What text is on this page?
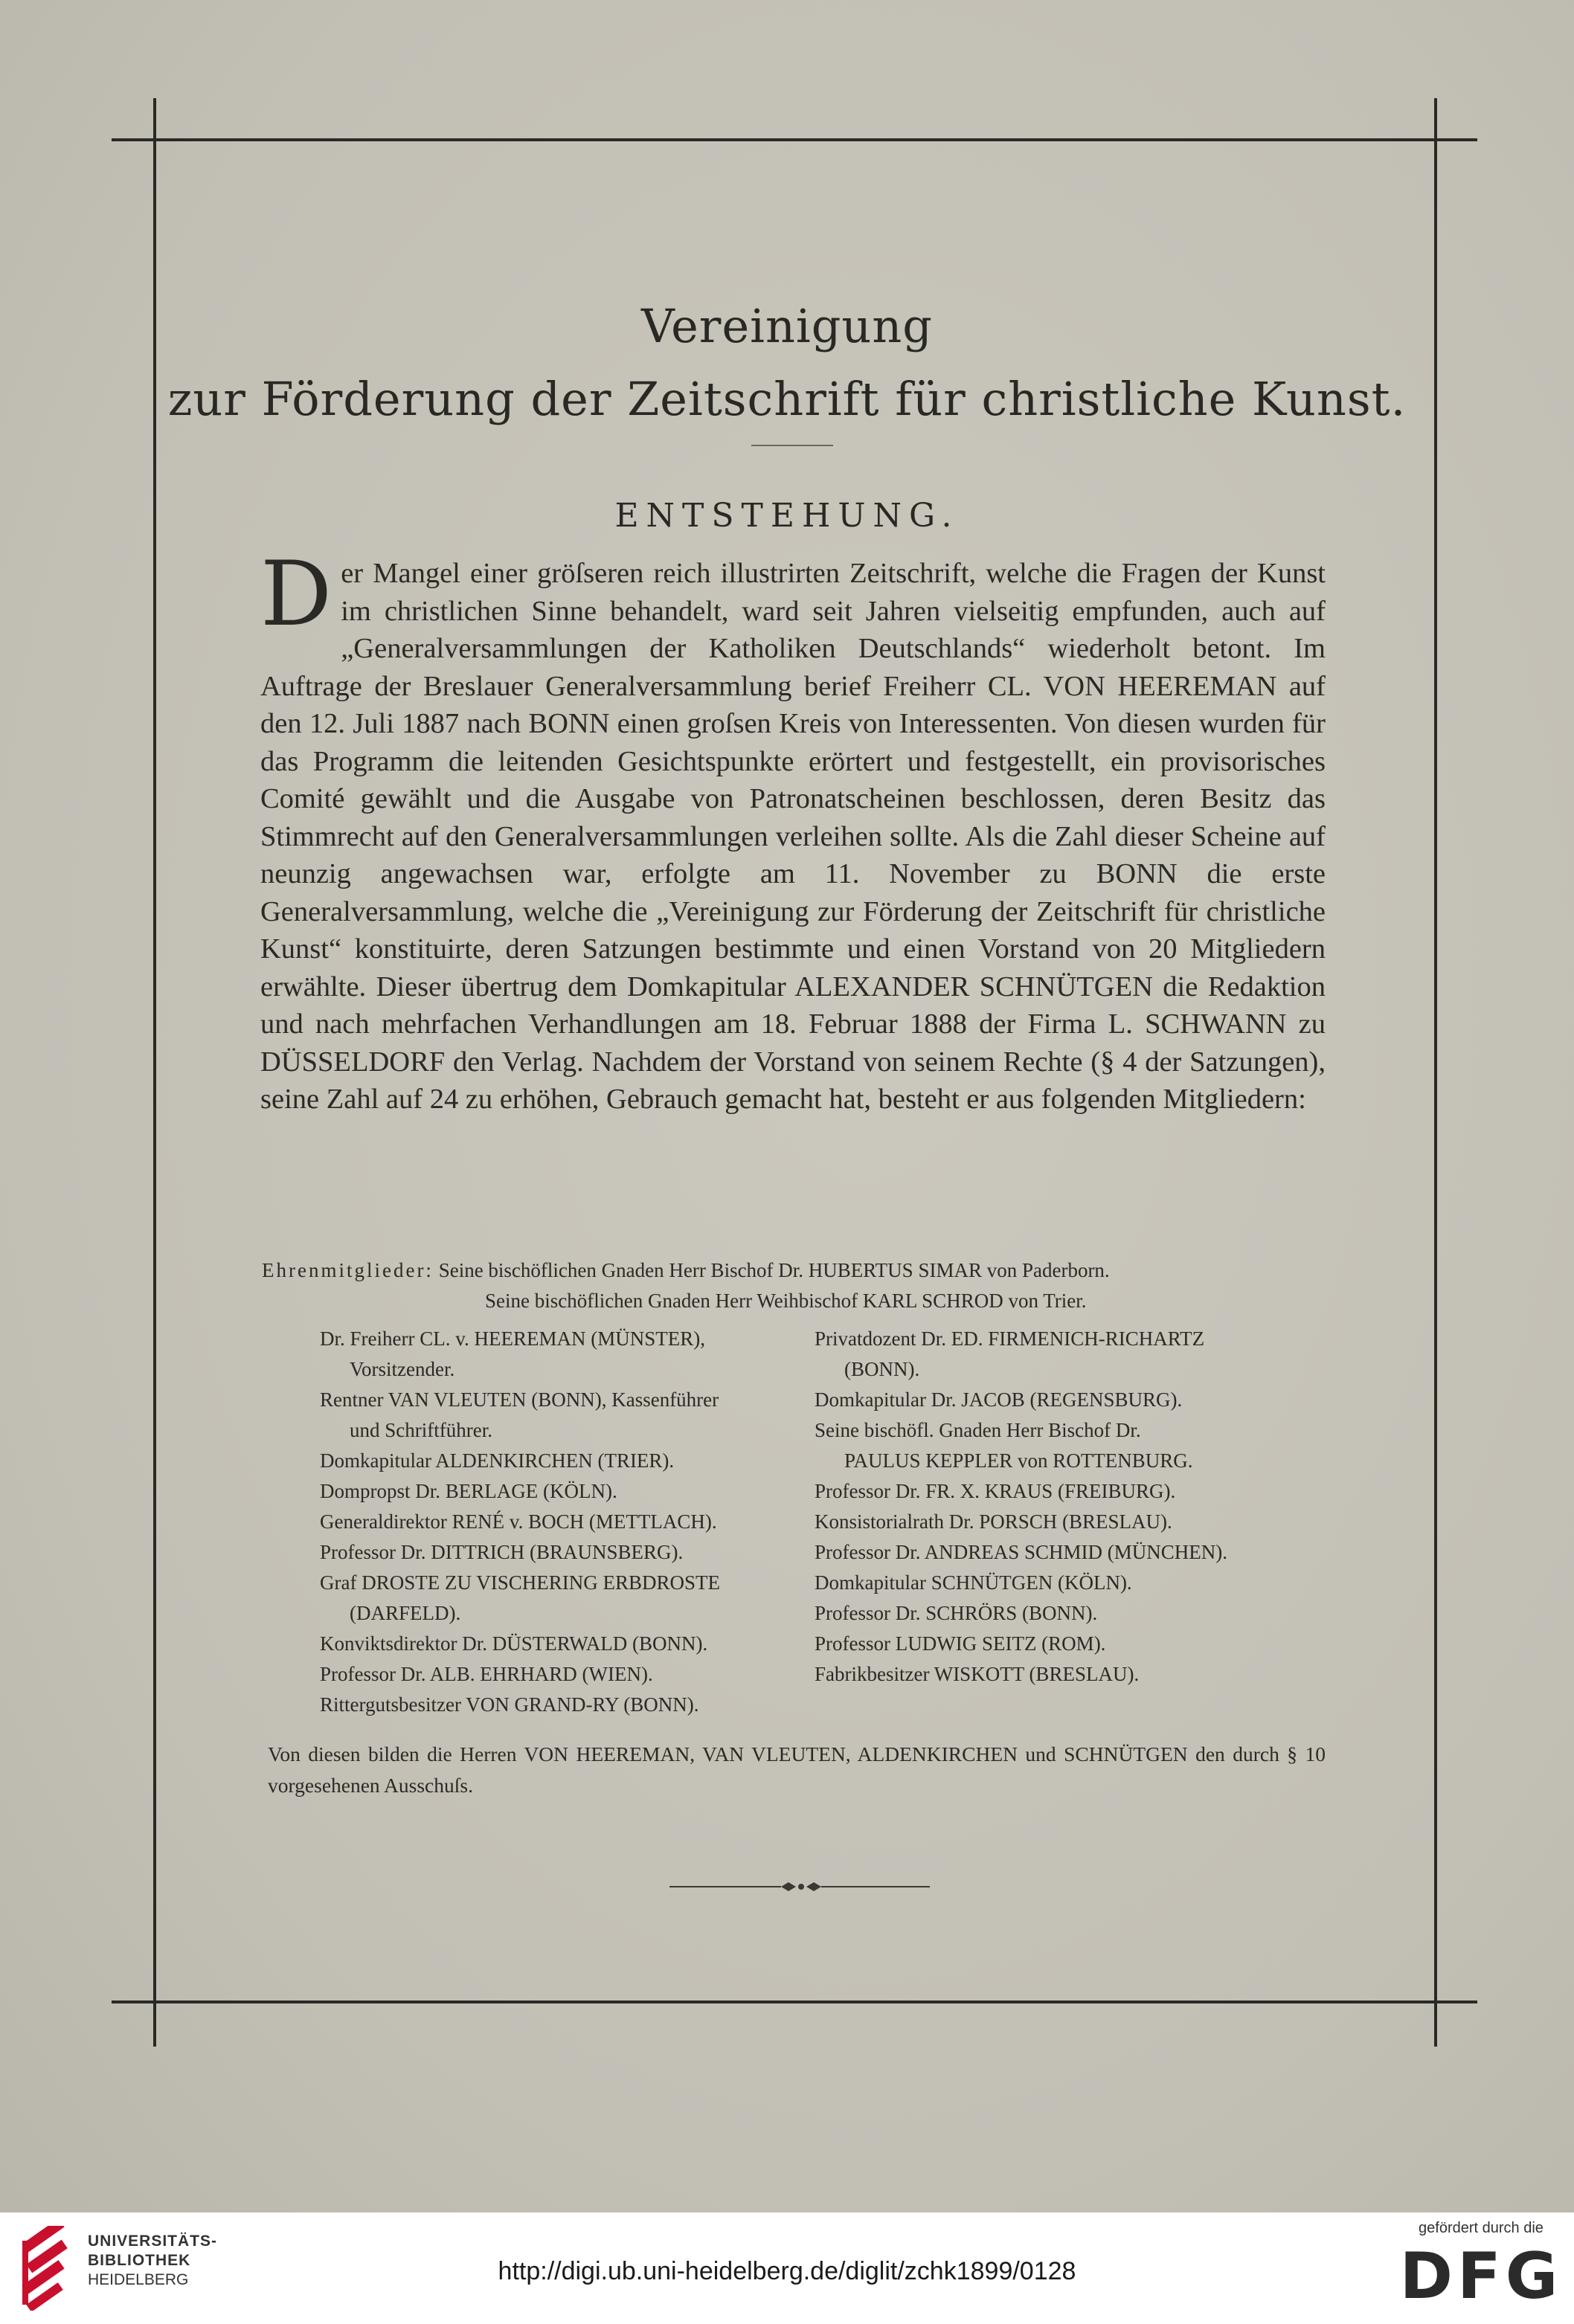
Vereinigung
zur Förderung der Zeitschrift für christliche Kunst.
ENTSTEHUNG.
D er Mangel einer gröſseren reich illustrirten Zeitschrift, welche die Fragen der Kunst im christlichen Sinne behandelt, ward seit Jahren vielseitig empfunden, auch auf „Generalversammlungen der Katholiken Deutschlands“ wiederholt betont. Im Auftrage der Breslauer Generalversammlung berief Freiherr CL. VON HEEREMAN auf den 12. Juli 1887 nach BONN einen groſsen Kreis von Interessenten. Von diesen wurden für das Programm die leitenden Gesichtspunkte erörtert und festgestellt, ein provisorisches Comité gewählt und die Ausgabe von Patronatscheinen beschlossen, deren Besitz das Stimmrecht auf den Generalversammlungen verleihen sollte. Als die Zahl dieser Scheine auf neunzig angewachsen war, erfolgte am 11. November zu BONN die erste Generalversammlung, welche die „Vereinigung zur Förderung der Zeitschrift für christliche Kunst“ konstituirte, deren Satzungen bestimmte und einen Vorstand von 20 Mitgliedern erwählte. Dieser übertrug dem Domkapitular ALEXANDER SCHNÜTGEN die Redaktion und nach mehrfachen Verhandlungen am 18. Februar 1888 der Firma L. SCHWANN zu DÜSSELDORF den Verlag. Nachdem der Vorstand von seinem Rechte (§ 4 der Satzungen), seine Zahl auf 24 zu erhöhen, Gebrauch gemacht hat, besteht er aus folgenden Mitgliedern:
Ehrenmitglieder: Seine bischöflichen Gnaden Herr Bischof Dr. HUBERTUS SIMAR von Paderborn.
Seine bischöflichen Gnaden Herr Weihbischof KARL SCHROD von Trier.
Dr. Freiherr CL. v. HEEREMAN (MÜNSTER),
Vorsitzender.
Rentner VAN VLEUTEN (BONN), Kassenführer
und Schriftführer.
Domkapitular ALDENKIRCHEN (TRIER).
Dompropst Dr. BERLAGE (KÖLN).
Generaldirektor RENÉ v. BOCH (METTLACH).
Professor Dr. DITTRICH (BRAUNSBERG).
Graf DROSTE ZU VISCHERING ERBDROSTE
(DARFELD).
Konviktsdirektor Dr. DÜSTERWALD (BONN).
Professor Dr. ALB. EHRHARD (WIEN).
Rittergutsbesitzer VON GRAND-RY (BONN).
Privatdozent Dr. ED. FIRMENICH-RICHARTZ
(BONN).
Domkapitular Dr. JACOB (REGENSBURG).
Seine bischöfl. Gnaden Herr Bischof Dr.
PAULUS KEPPLER von ROTTENBURG.
Professor Dr. FR. X. KRAUS (FREIBURG).
Konsistorialrath Dr. PORSCH (BRESLAU).
Professor Dr. ANDREAS SCHMID (MÜNCHEN).
Domkapitular SCHNÜTGEN (KÖLN).
Professor Dr. SCHRÖRS (BONN).
Professor LUDWIG SEITZ (ROM).
Fabrikbesitzer WISKOTT (BRESLAU).
Von diesen bilden die Herren VON HEEREMAN, VAN VLEUTEN, ALDENKIRCHEN und SCHNÜTGEN den durch § 10 vorgesehenen Ausschuſs.
UNIVERSITÄTS-
BIBLIOTHEK
HEIDELBERG	http://digi.ub.uni-heidelberg.de/diglit/zchk1899/0128
gefördert durch die
DFG
